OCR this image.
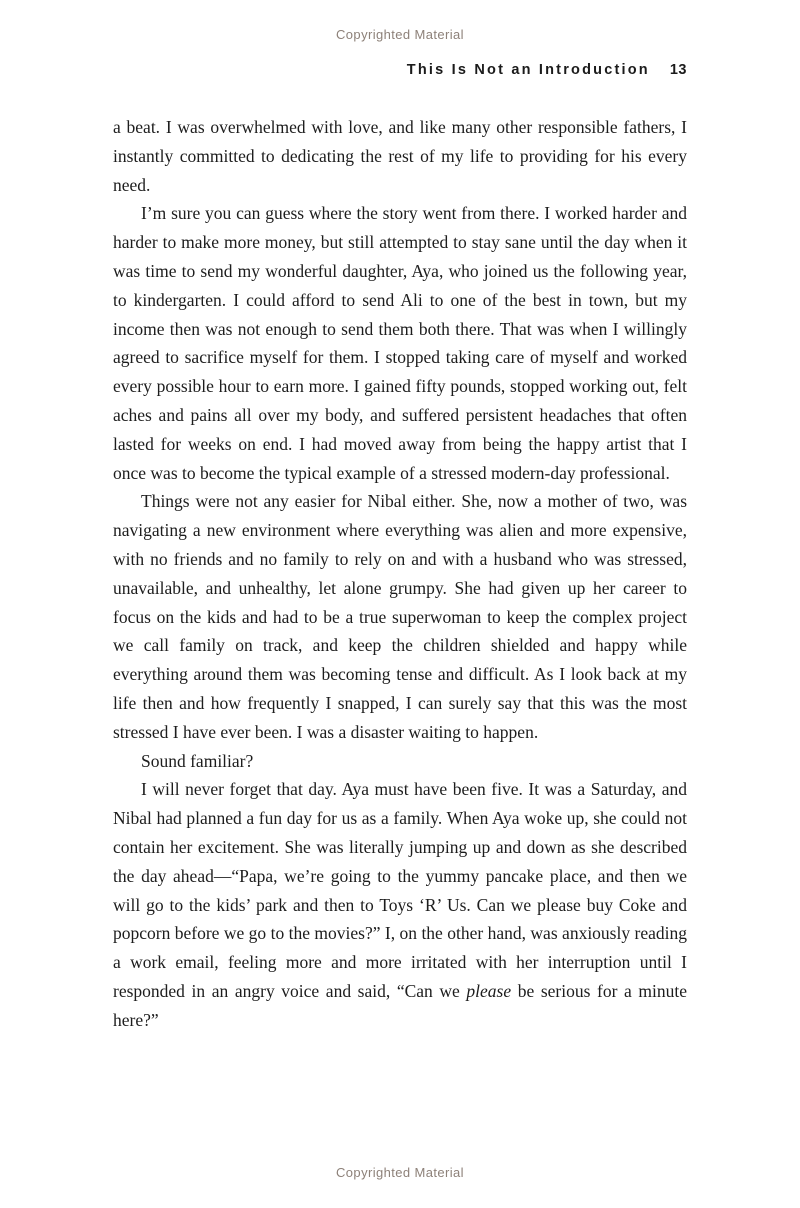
Copyrighted Material
This Is Not an Introduction 13

a beat. I was overwhelmed with love, and like many other responsible fathers, I instantly committed to dedicating the rest of my life to providing for his every need.

I’m sure you can guess where the story went from there. I worked harder and harder to make more money, but still attempted to stay sane until the day when it was time to send my wonderful daughter, Aya, who joined us the following year, to kindergarten. I could afford to send Ali to one of the best in town, but my income then was not enough to send them both there. That was when I willingly agreed to sacrifice myself for them. I stopped taking care of myself and worked every possible hour to earn more. I gained fifty pounds, stopped working out, felt aches and pains all over my body, and suffered persistent headaches that often lasted for weeks on end. I had moved away from being the happy artist that I once was to become the typical example of a stressed modern-day professional.

Things were not any easier for Nibal either. She, now a mother of two, was navigating a new environment where everything was alien and more expensive, with no friends and no family to rely on and with a husband who was stressed, unavailable, and unhealthy, let alone grumpy. She had given up her career to focus on the kids and had to be a true superwoman to keep the complex project we call family on track, and keep the children shielded and happy while everything around them was becoming tense and difficult. As I look back at my life then and how frequently I snapped, I can surely say that this was the most stressed I have ever been. I was a disaster waiting to happen.

Sound familiar?

I will never forget that day. Aya must have been five. It was a Saturday, and Nibal had planned a fun day for us as a family. When Aya woke up, she could not contain her excitement. She was literally jumping up and down as she described the day ahead—“Papa, we’re going to the yummy pancake place, and then we will go to the kids’ park and then to Toys ‘R’ Us. Can we please buy Coke and popcorn before we go to the movies?” I, on the other hand, was anxiously reading a work email, feeling more and more irritated with her interruption until I responded in an angry voice and said, “Can we please be serious for a minute here?”

Copyrighted Material
